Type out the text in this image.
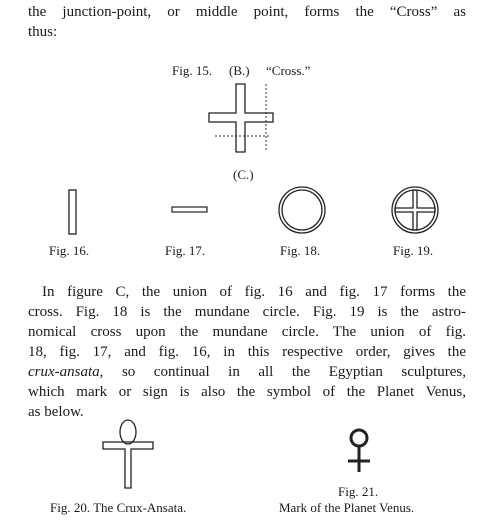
the junction-point, or middle point, forms the “Cross” as
thus:
Fig. 15. (B.) “Cross.”
(C.)
Fig. 16.	Fig. 17.	Fig. 18.	Fig. 19.
In figure C, the union of fig. 16 and fig. 17 forms the
cross. Fig. 18 is the mundane circle. Fig. 19 is the astro-
nomical cross upon the mundane circle. The union of fig.
18, fig. 17, and fig. 16, in this respective order, gives the
crux-ansata, so continual in all the Egyptian sculptures,
which mark or sign is also the symbol of the Planet Venus,
as below.
Fig. 21.
Fig. 20. The Crux-Ansata.	Mark of the Planet Venus.
